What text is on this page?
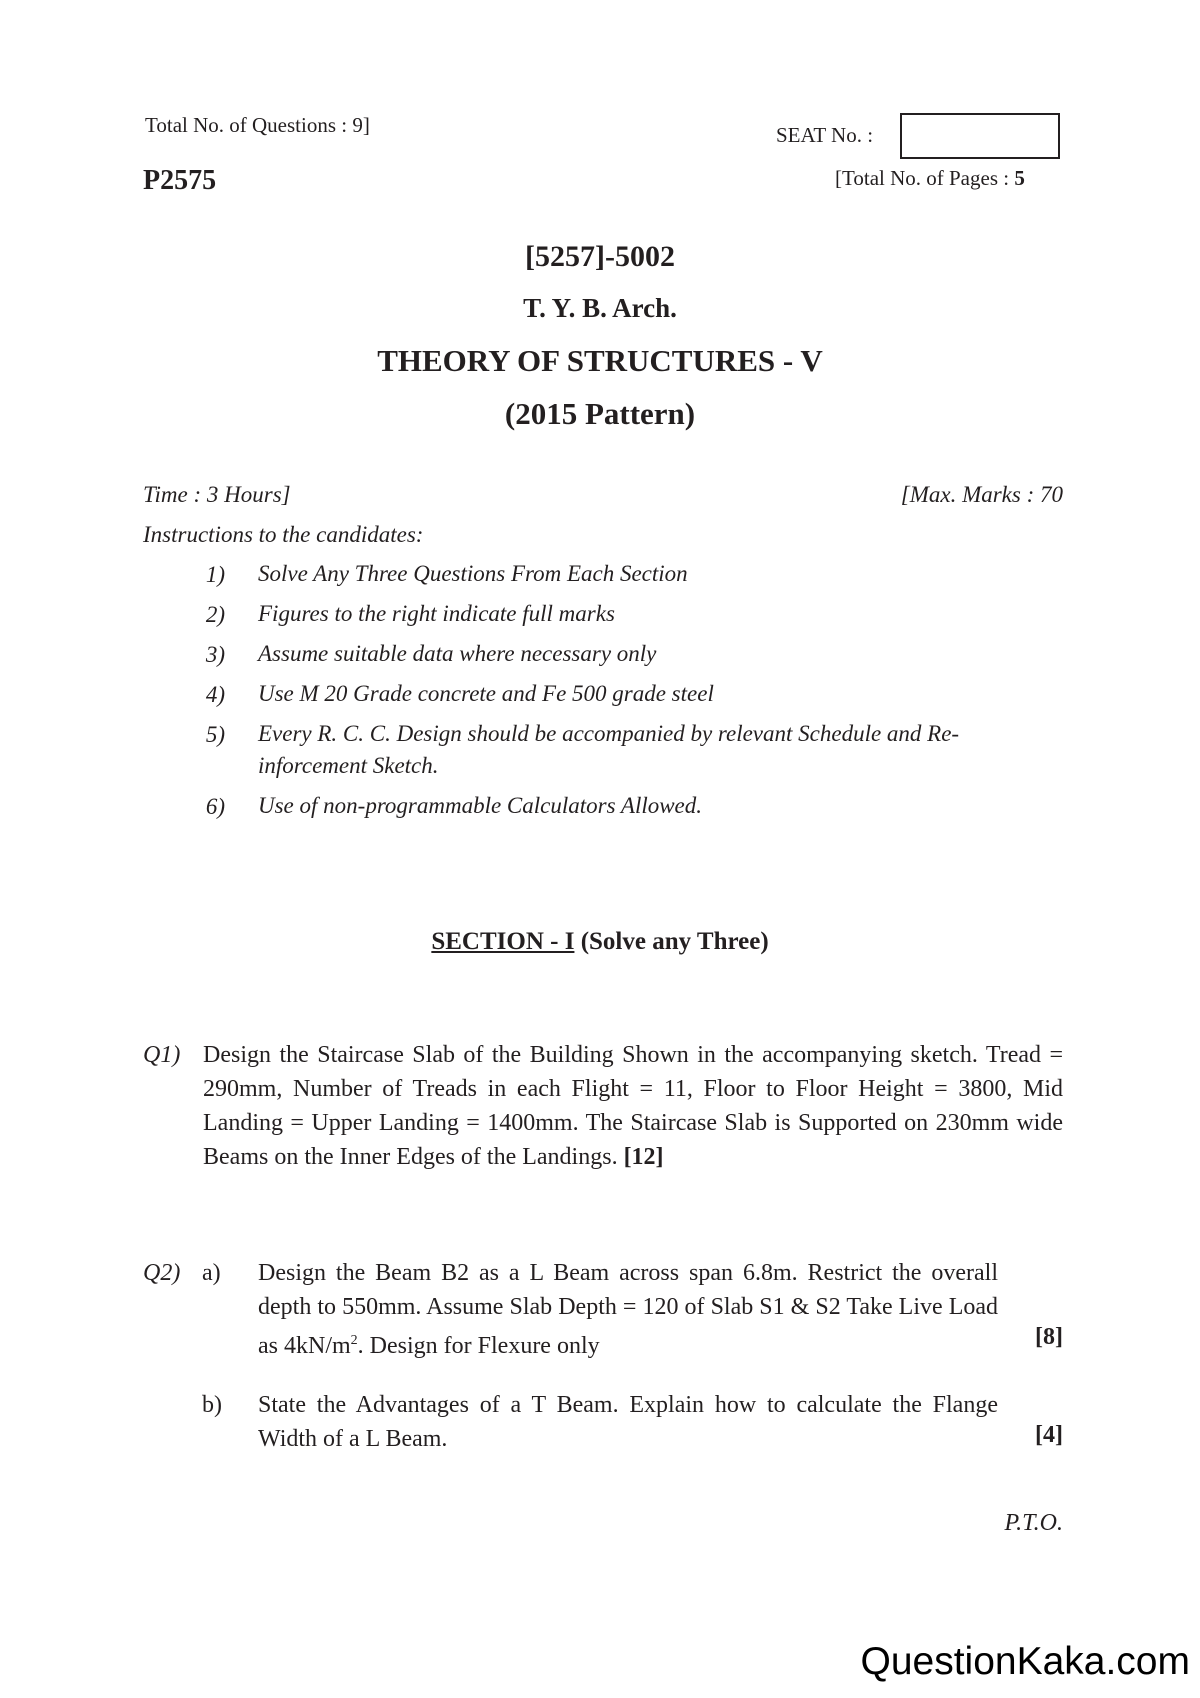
Total No. of Questions : 9]	SEAT No. :
P2575	[Total No. of Pages : 5
[5257]-5002
T. Y. B. Arch.
THEORY OF STRUCTURES - V
(2015 Pattern)
Time : 3 Hours]	[Max. Marks : 70
Instructions to the candidates:
1) Solve Any Three Questions From Each Section
2) Figures to the right indicate full marks
3) Assume suitable data where necessary only
4) Use M 20 Grade concrete and Fe 500 grade steel
5) Every R. C. C. Design should be accompanied by relevant Schedule and Re-inforcement Sketch.
6) Use of non-programmable Calculators Allowed.
SECTION - I (Solve any Three)
Q1) Design the Staircase Slab of the Building Shown in the accompanying sketch. Tread = 290mm, Number of Treads in each Flight = 11, Floor to Floor Height = 3800, Mid Landing = Upper Landing = 1400mm. The Staircase Slab is Supported on 230mm wide Beams on the Inner Edges of the Landings. [12]
Q2) a) Design the Beam B2 as a L Beam across span 6.8m. Restrict the overall depth to 550mm. Assume Slab Depth = 120 of Slab S1 & S2 Take Live Load as $4kN/m^2$. Design for Flexure only	[8]
b) State the Advantages of a T Beam. Explain how to calculate the Flange Width of a L Beam.	[4]
P.T.O.
QuestionKaka.com
